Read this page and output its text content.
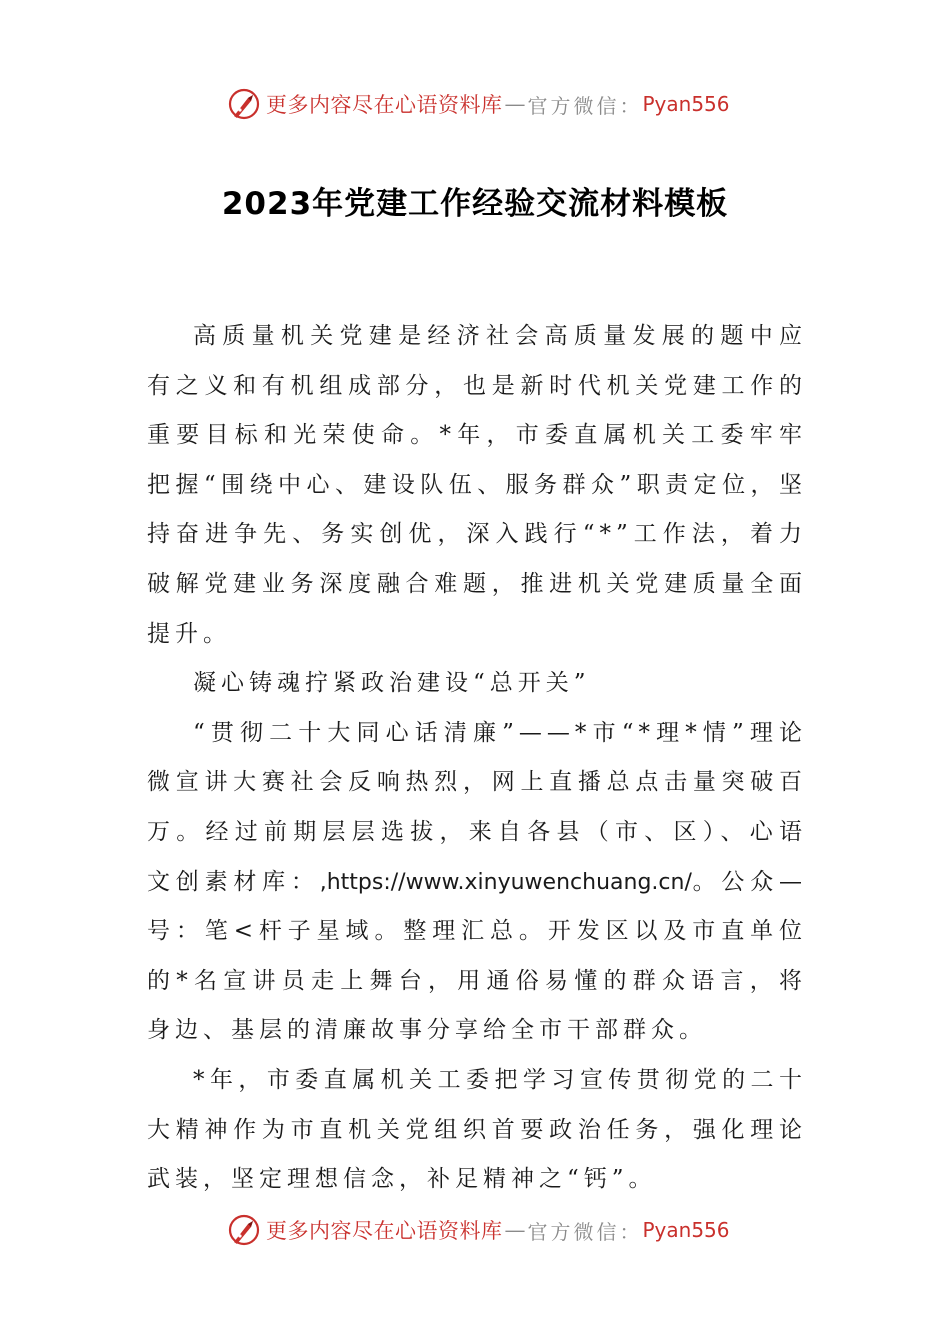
更多内容尽在心语资料库 — 官方微信： Pyan556
2023年党建工作经验交流材料模板

高质量机关党建是经济社会高质量发展的题中应有之义和有机组成部分，也是新时代机关党建工作的重要目标和光荣使命。*年，市委直属机关工委牢牢把握“围绕中心、建设队伍、服务群众”职责定位，坚持奋进争先、务实创优，深入践行“*”工作法，着力破解党建业务深度融合难题，推进机关党建质量全面提升。

凝心铸魂拧紧政治建设“总开关”

“贯彻二十大同心话清廉”——*市“*理*情”理论微宣讲大赛社会反响热烈，网上直播总点击量突破百万。经过前期层层选拔，来自各县（市、区）、心语文创素材库：,https://www.xinyuwenchuang.cn/。公众—号：笔<杆子星域。整理汇总。开发区以及市直单位的*名宣讲员走上舞台，用通俗易懂的群众语言，将身边、基层的清廉故事分享给全市干部群众。

*年，市委直属机关工委把学习宣传贯彻党的二十大精神作为市直机关党组织首要政治任务，强化理论武装，坚定理想信念，补足精神之“钙”。

更多内容尽在心语资料库 — 官方微信： Pyan556
